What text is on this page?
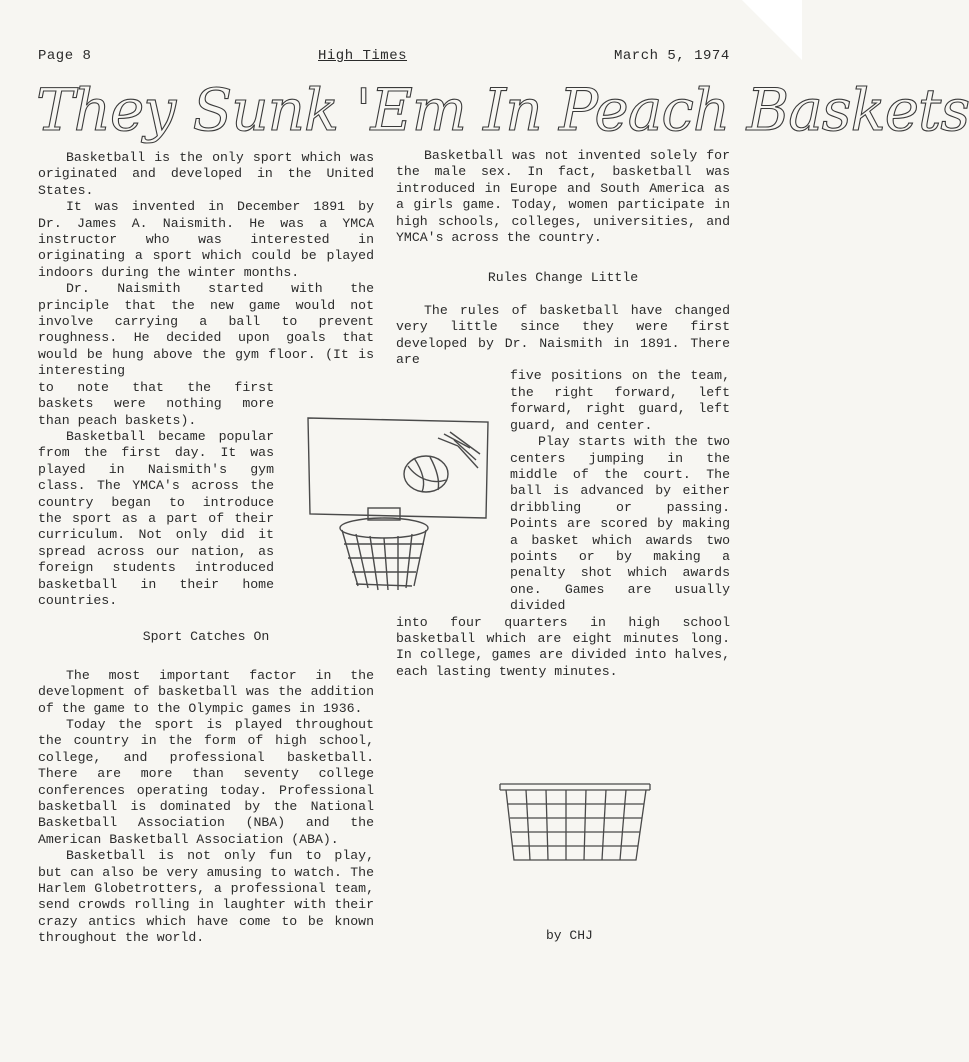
Page 8	High Times	March 5, 1974
They Sunk 'Em In Peach Baskets

Basketball is the only sport which was originated and developed in the United States.

It was invented in December 1891 by Dr. James A. Naismith. He was a YMCA instructor who was interested in originating a sport which could be played indoors during the winter months.

Dr. Naismith started with the principle that the new game would not involve carrying a ball to prevent roughness. He decided upon goals that would be hung above the gym floor. (It is interesting

to note that the first baskets were nothing more than peach baskets).

Basketball became popular from the first day. It was played in Naismith's gym class. The YMCA's across the country began to introduce the sport as a part of their curriculum. Not only did it spread across our nation, as foreign students introduced basketball in their home countries.

Sport Catches On

The most important factor in the development of basketball was the addition of the game to the Olympic games in 1936.

Today the sport is played throughout the country in the form of high school, college, and professional basketball. There are more than seventy college conferences operating today. Professional basketball is dominated by the National Basketball Association (NBA) and the American Basketball Association (ABA).

Basketball is not only fun to play, but can also be very amusing to watch. The Harlem Globetrotters, a professional team, send crowds rolling in laughter with their crazy antics which have come to be known throughout the world.

Basketball was not invented solely for the male sex. In fact, basketball was introduced in Europe and South America as a girls game. Today, women participate in high schools, colleges, universities, and YMCA's across the country.

Rules Change Little

The rules of basketball have changed very little since they were first developed by Dr. Naismith in 1891. There are

five positions on the team, the right forward, left forward, right guard, left guard, and center.

Play starts with the two centers jumping in the middle of the court. The ball is advanced by either dribbling or passing. Points are scored by making a basket which awards two points or by making a penalty shot which awards one. Games are usually divided

into four quarters in high school basketball which are eight minutes long. In college, games are divided into halves, each lasting twenty minutes.

by CHJ
